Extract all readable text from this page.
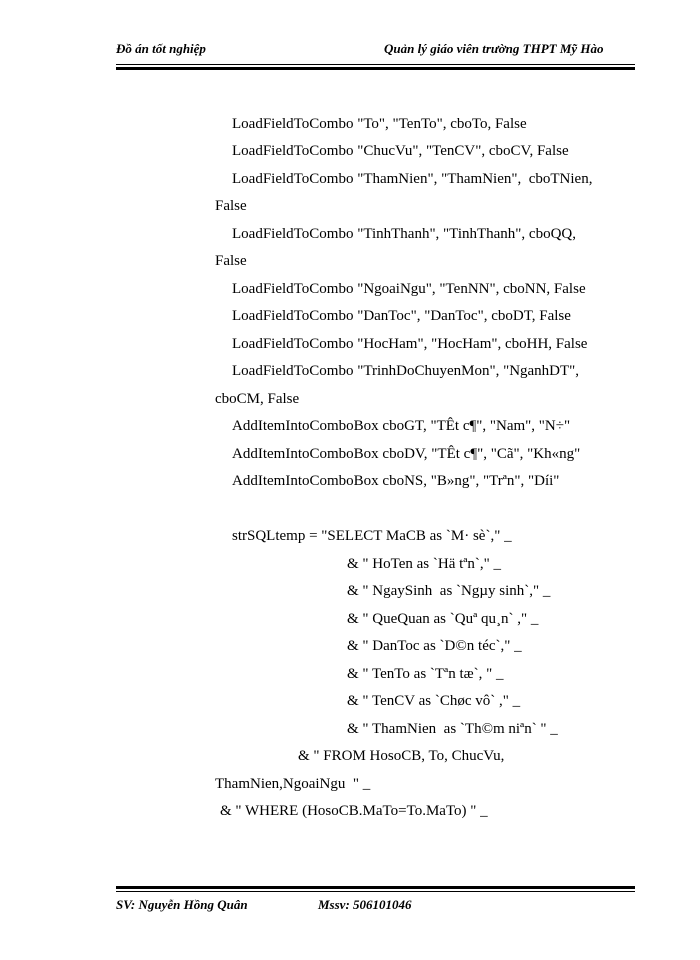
Đồ án tốt nghiệp	Quản lý giáo viên trường THPT Mỹ Hào
LoadFieldToCombo "To", "TenTo", cboTo, False
LoadFieldToCombo "ChucVu", "TenCV", cboCV, False
LoadFieldToCombo "ThamNien", "ThamNien",  cboTNien,
False
LoadFieldToCombo "TinhThanh", "TinhThanh", cboQQ,
False
LoadFieldToCombo "NgoaiNgu", "TenNN", cboNN, False
LoadFieldToCombo "DanToc", "DanToc", cboDT, False
LoadFieldToCombo "HocHam", "HocHam", cboHH, False
LoadFieldToCombo "TrinhDoChuyenMon", "NganhDT",
cboCM, False
AddItemIntoComboBox cboGT, "TÊt c¶", "Nam", "N÷"
AddItemIntoComboBox cboDV, "TÊt c¶", "Cã", "Kh«ng"
AddItemIntoComboBox cboNS, "B»ng", "Trªn", "Díi"
strSQLtemp = "SELECT MaCB as `M· sè`," _
& " HoTen as `Hä tªn`," _
& " NgaySinh  as `Ngµy sinh`," _
& " QueQuan as `Quª qu¸n` ," _
& " DanToc as `D©n téc`," _
& " TenTo as `Tªn tæ`, " _
& " TenCV as `Chøc vô` ," _
& " ThamNien  as `Th©m niªn` " _
& " FROM HosoCB, To, ChucVu,
ThamNien,NgoaiNgu  " _
& " WHERE (HosoCB.MaTo=To.MaTo) " _
SV: Nguyễn Hồng Quân	Mssv: 506101046
